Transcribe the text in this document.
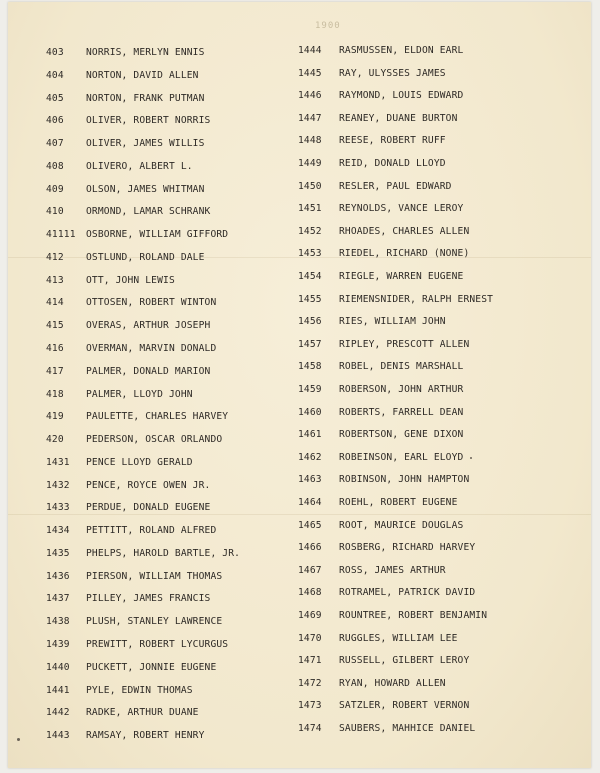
1900
403 NORRIS, MERLYN ENNIS
404 NORTON, DAVID ALLEN
405 NORTON, FRANK PUTMAN
406 OLIVER, ROBERT NORRIS
407 OLIVER, JAMES WILLIS
408 OLIVERO, ALBERT L.
409 OLSON, JAMES WHITMAN
410 ORMOND, LAMAR SCHRANK
41111 OSBORNE, WILLIAM GIFFORD
412 OSTLUND, ROLAND DALE
413 OTT, JOHN LEWIS
414 OTTOSEN, ROBERT WINTON
415 OVERAS, ARTHUR JOSEPH
416 OVERMAN, MARVIN DONALD
417 PALMER, DONALD MARION
418 PALMER, LLOYD JOHN
419 PAULETTE, CHARLES HARVEY
420 PEDERSON, OSCAR ORLANDO
1431 PENCE LLOYD GERALD
1432 PENCE, ROYCE OWEN JR.
1433 PERDUE, DONALD EUGENE
1434 PETTITT, ROLAND ALFRED
1435 PHELPS, HAROLD BARTLE, JR.
1436 PIERSON, WILLIAM THOMAS
1437 PILLEY, JAMES FRANCIS
1438 PLUSH, STANLEY LAWRENCE
1439 PREWITT, ROBERT LYCURGUS
1440 PUCKETT, JONNIE EUGENE
1441 PYLE, EDWIN THOMAS
1442 RADKE, ARTHUR DUANE
1443 RAMSAY, ROBERT HENRY
1444 RASMUSSEN, ELDON EARL
1445 RAY, ULYSSES JAMES
1446 RAYMOND, LOUIS EDWARD
1447 REANEY, DUANE BURTON
1448 REESE, ROBERT RUFF
1449 REID, DONALD LLOYD
1450 RESLER, PAUL EDWARD
1451 REYNOLDS, VANCE LEROY
1452 RHOADES, CHARLES ALLEN
1453 RIEDEL, RICHARD (NONE)
1454 RIEGLE, WARREN EUGENE
1455 RIEMENSNIDER, RALPH ERNEST
1456 RIES, WILLIAM JOHN
1457 RIPLEY, PRESCOTT ALLEN
1458 ROBEL, DENIS MARSHALL
1459 ROBERSON, JOHN ARTHUR
1460 ROBERTS, FARRELL DEAN
1461 ROBERTSON, GENE DIXON
1462 ROBEINSON, EARL ELOYD
1463 ROBINSON, JOHN HAMPTON
1464 ROEHL, ROBERT EUGENE
1465 ROOT, MAURICE DOUGLAS
1466 ROSBERG, RICHARD HARVEY
1467 ROSS, JAMES ARTHUR
1468 ROTRAMEL, PATRICK DAVID
1469 ROUNTREE, ROBERT BENJAMIN
1470 RUGGLES, WILLIAM LEE
1471 RUSSELL, GILBERT LEROY
1472 RYAN, HOWARD ALLEN
1473 SATZLER, ROBERT VERNON
1474 SAUBERS, MAHHICE DANIEL
